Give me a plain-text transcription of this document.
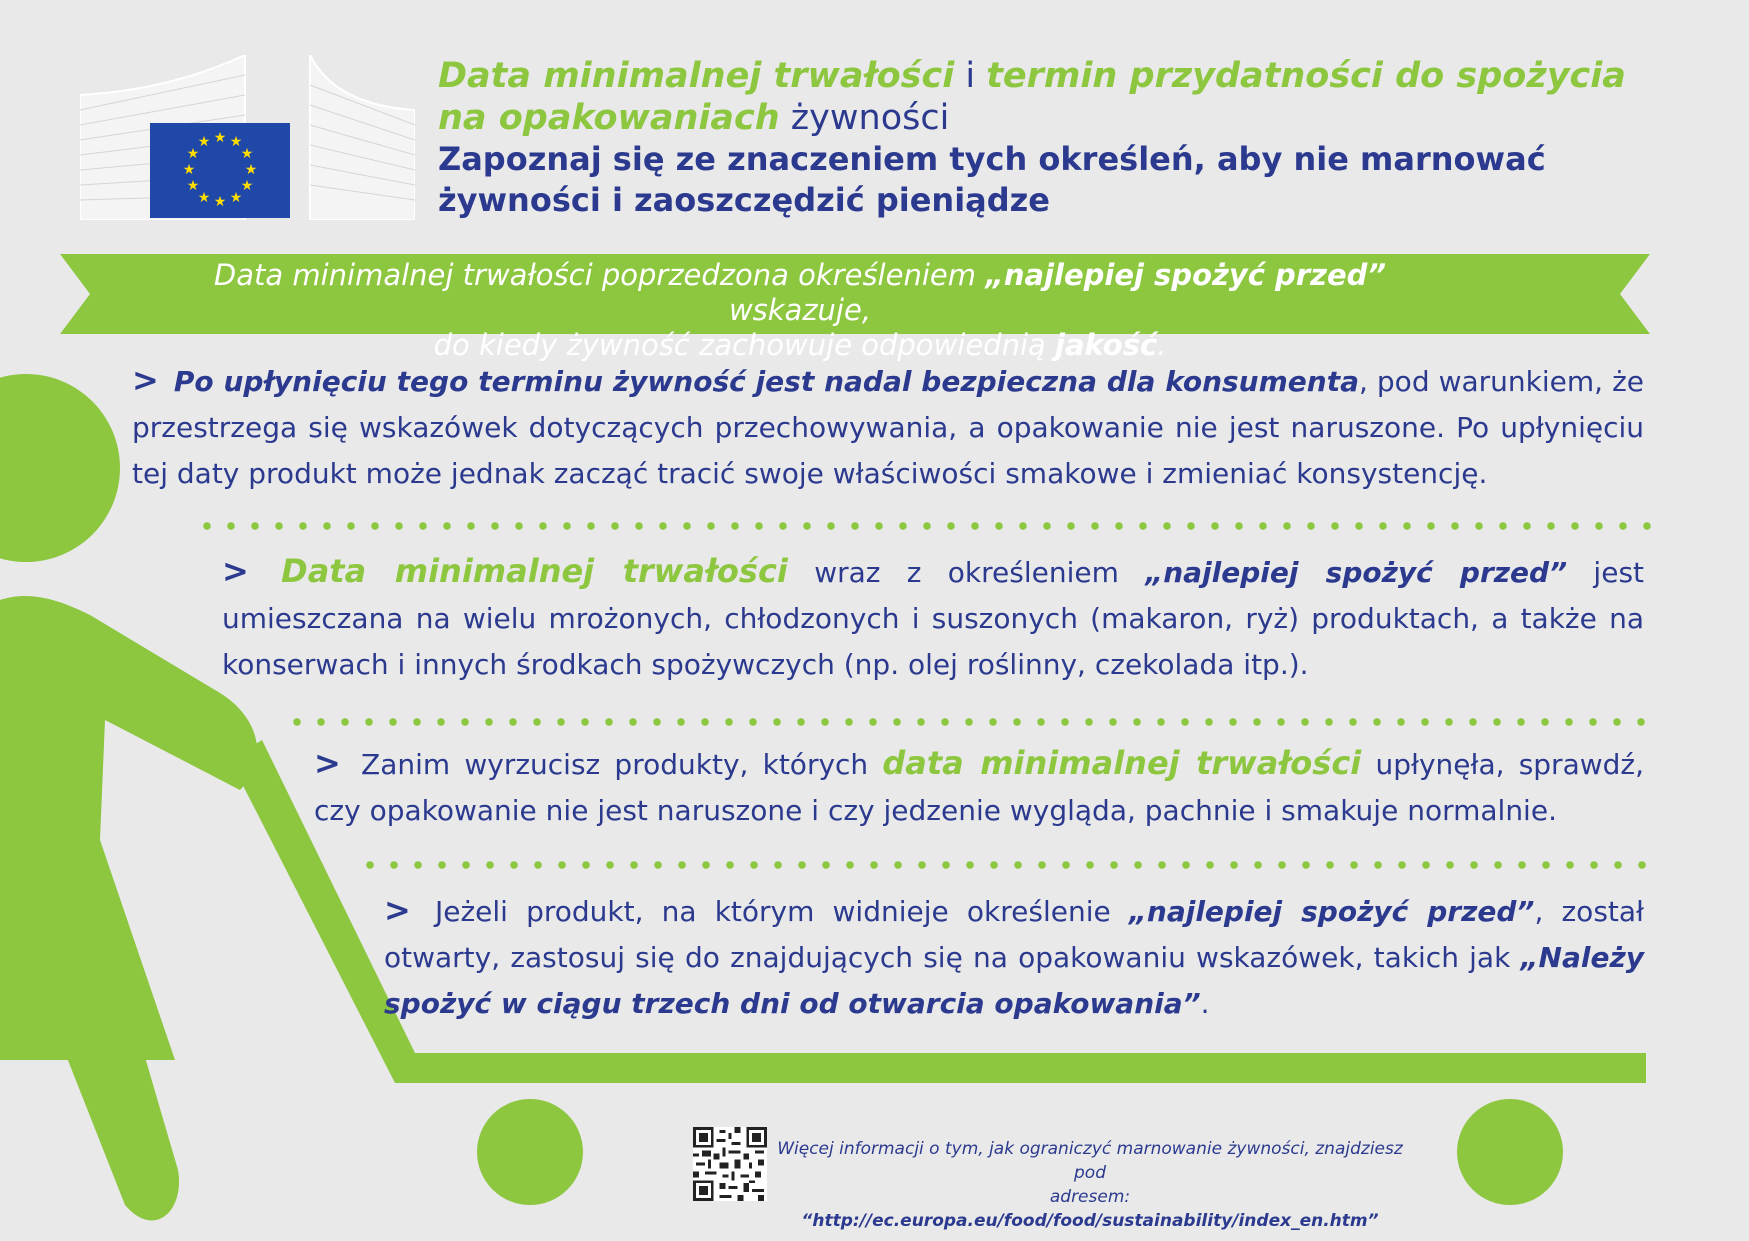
★ ★
★
★
★
★
★
★
★
★
★
★
Data minimalnej trwałości i termin przydatności do spożycia na opakowaniach żywności
Zapoznaj się ze znaczeniem tych określeń, aby nie marnować żywności i zaoszczędzić pieniądze
Data minimalnej trwałości poprzedzona określeniem „najlepiej spożyć przed” wskazuje,
do kiedy żywność zachowuje odpowiednią jakość.
> Po upłynięciu tego terminu żywność jest nadal bezpieczna dla konsumenta, pod warunkiem, że przestrzega się wskazówek dotyczących przechowywania, a opakowanie nie jest naruszone. Po upłynięciu tej daty produkt może jednak zacząć tracić swoje właściwości smakowe i zmieniać konsystencję.
> Data minimalnej trwałości wraz z określeniem „najlepiej spożyć przed” jest umieszczana na wielu mrożonych, chłodzonych i suszonych (makaron, ryż) produktach, a także na konserwach i innych środkach spożywczych (np. olej roślinny, czekolada itp.).
> Zanim wyrzucisz produkty, których data minimalnej trwałości upłynęła, sprawdź, czy opakowanie nie jest naruszone i czy jedzenie wygląda, pachnie i smakuje normalnie.
> Jeżeli produkt, na którym widnieje określenie „najlepiej spożyć przed”, został otwarty, zastosuj się do znajdujących się na opakowaniu wskazówek, takich jak „Należy spożyć w ciągu trzech dni od otwarcia opakowania”.
Więcej informacji o tym, jak ograniczyć marnowanie żywności, znajdziesz pod
adresem: “http://ec.europa.eu/food/food/sustainability/index_en.htm”
